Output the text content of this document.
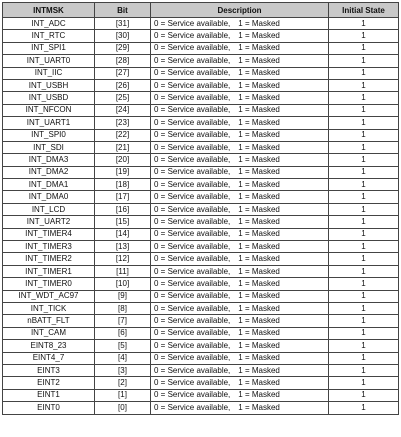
INTMSK	Bit	Description	Initial State
INT_ADC	[31]	0 = Service available, 1 = Masked	1
INT_RTC	[30]	0 = Service available, 1 = Masked	1
INT_SPI1	[29]	0 = Service available, 1 = Masked	1
INT_UART0	[28]	0 = Service available, 1 = Masked	1
INT_IIC	[27]	0 = Service available, 1 = Masked	1
INT_USBH	[26]	0 = Service available, 1 = Masked	1
INT_USBD	[25]	0 = Service available, 1 = Masked	1
INT_NFCON	[24]	0 = Service available, 1 = Masked	1
INT_UART1	[23]	0 = Service available, 1 = Masked	1
INT_SPI0	[22]	0 = Service available, 1 = Masked	1
INT_SDI	[21]	0 = Service available, 1 = Masked	1
INT_DMA3	[20]	0 = Service available, 1 = Masked	1
INT_DMA2	[19]	0 = Service available, 1 = Masked	1
INT_DMA1	[18]	0 = Service available, 1 = Masked	1
INT_DMA0	[17]	0 = Service available, 1 = Masked	1
INT_LCD	[16]	0 = Service available, 1 = Masked	1
INT_UART2	[15]	0 = Service available, 1 = Masked	1
INT_TIMER4	[14]	0 = Service available, 1 = Masked	1
INT_TIMER3	[13]	0 = Service available, 1 = Masked	1
INT_TIMER2	[12]	0 = Service available, 1 = Masked	1
INT_TIMER1	[11]	0 = Service available, 1 = Masked	1
INT_TIMER0	[10]	0 = Service available, 1 = Masked	1
INT_WDT_AC97	[9]	0 = Service available, 1 = Masked	1
INT_TICK	[8]	0 = Service available, 1 = Masked	1
nBATT_FLT	[7]	0 = Service available, 1 = Masked	1
INT_CAM	[6]	0 = Service available, 1 = Masked	1
EINT8_23	[5]	0 = Service available, 1 = Masked	1
EINT4_7	[4]	0 = Service available, 1 = Masked	1
EINT3	[3]	0 = Service available, 1 = Masked	1
EINT2	[2]	0 = Service available, 1 = Masked	1
EINT1	[1]	0 = Service available, 1 = Masked	1
EINT0	[0]	0 = Service available, 1 = Masked	1
